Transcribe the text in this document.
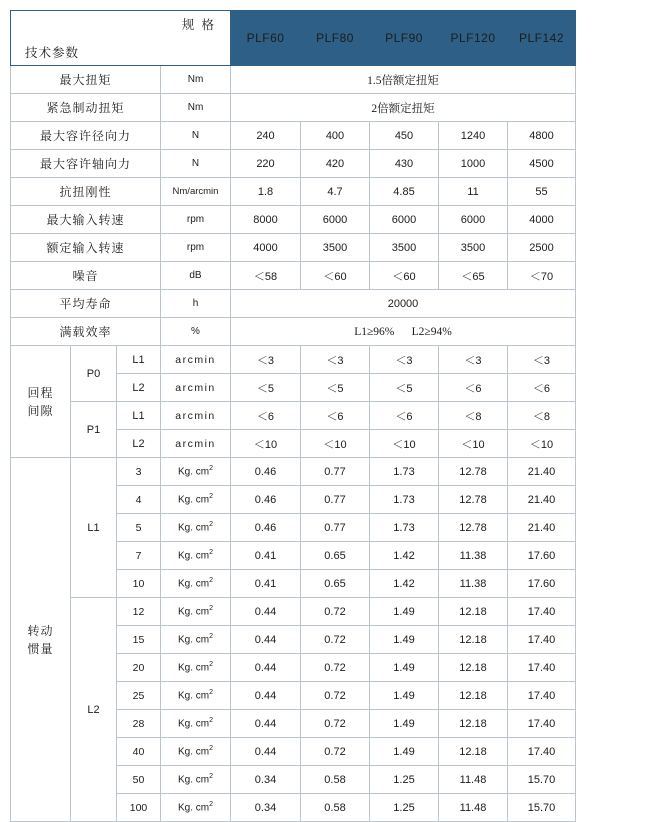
规 格
技术参数				PLF60	PLF80	PLF90	PLF120	PLF142
最大扭矩			Nm	1.5倍额定扭矩				
紧急制动扭矩			Nm	2倍额定扭矩				
最大容许径向力			N	240	400	450	1240	4800
最大容许轴向力			N	220	420	430	1000	4500
抗扭刚性			Nm/arcmin	1.8	4.7	4.85	11	55
最大输入转速			rpm	8000	6000	6000	6000	4000
额定输入转速			rpm	4000	3500	3500	3500	2500
噪音			dB	＜58	＜60	＜60	＜65	＜70
平均寿命			h	20000				
满载效率			%	L1≥96%      L2≥94%				
回程
间隙	P0	L1	arcmin	＜3	＜3	＜3	＜3	＜3
		L2	arcmin	＜5	＜5	＜5	＜6	＜6
	P1	L1	arcmin	＜6	＜6	＜6	＜8	＜8
		L2	arcmin	＜10	＜10	＜10	＜10	＜10
转动
惯量	L1	3	Kg. $cm^2$	0.46	0.77	1.73	12.78	21.40
		4	Kg. $cm^2$	0.46	0.77	1.73	12.78	21.40
		5	Kg. $cm^2$	0.46	0.77	1.73	12.78	21.40
		7	Kg. $cm^2$	0.41	0.65	1.42	11.38	17.60
		10	Kg. $cm^2$	0.41	0.65	1.42	11.38	17.60
	L2	12	Kg. $cm^2$	0.44	0.72	1.49	12.18	17.40
		15	Kg. $cm^2$	0.44	0.72	1.49	12.18	17.40
		20	Kg. $cm^2$	0.44	0.72	1.49	12.18	17.40
		25	Kg. $cm^2$	0.44	0.72	1.49	12.18	17.40
		28	Kg. $cm^2$	0.44	0.72	1.49	12.18	17.40
		40	Kg. $cm^2$	0.44	0.72	1.49	12.18	17.40
		50	Kg. $cm^2$	0.34	0.58	1.25	11.48	15.70
		100	Kg. $cm^2$	0.34	0.58	1.25	11.48	15.70
